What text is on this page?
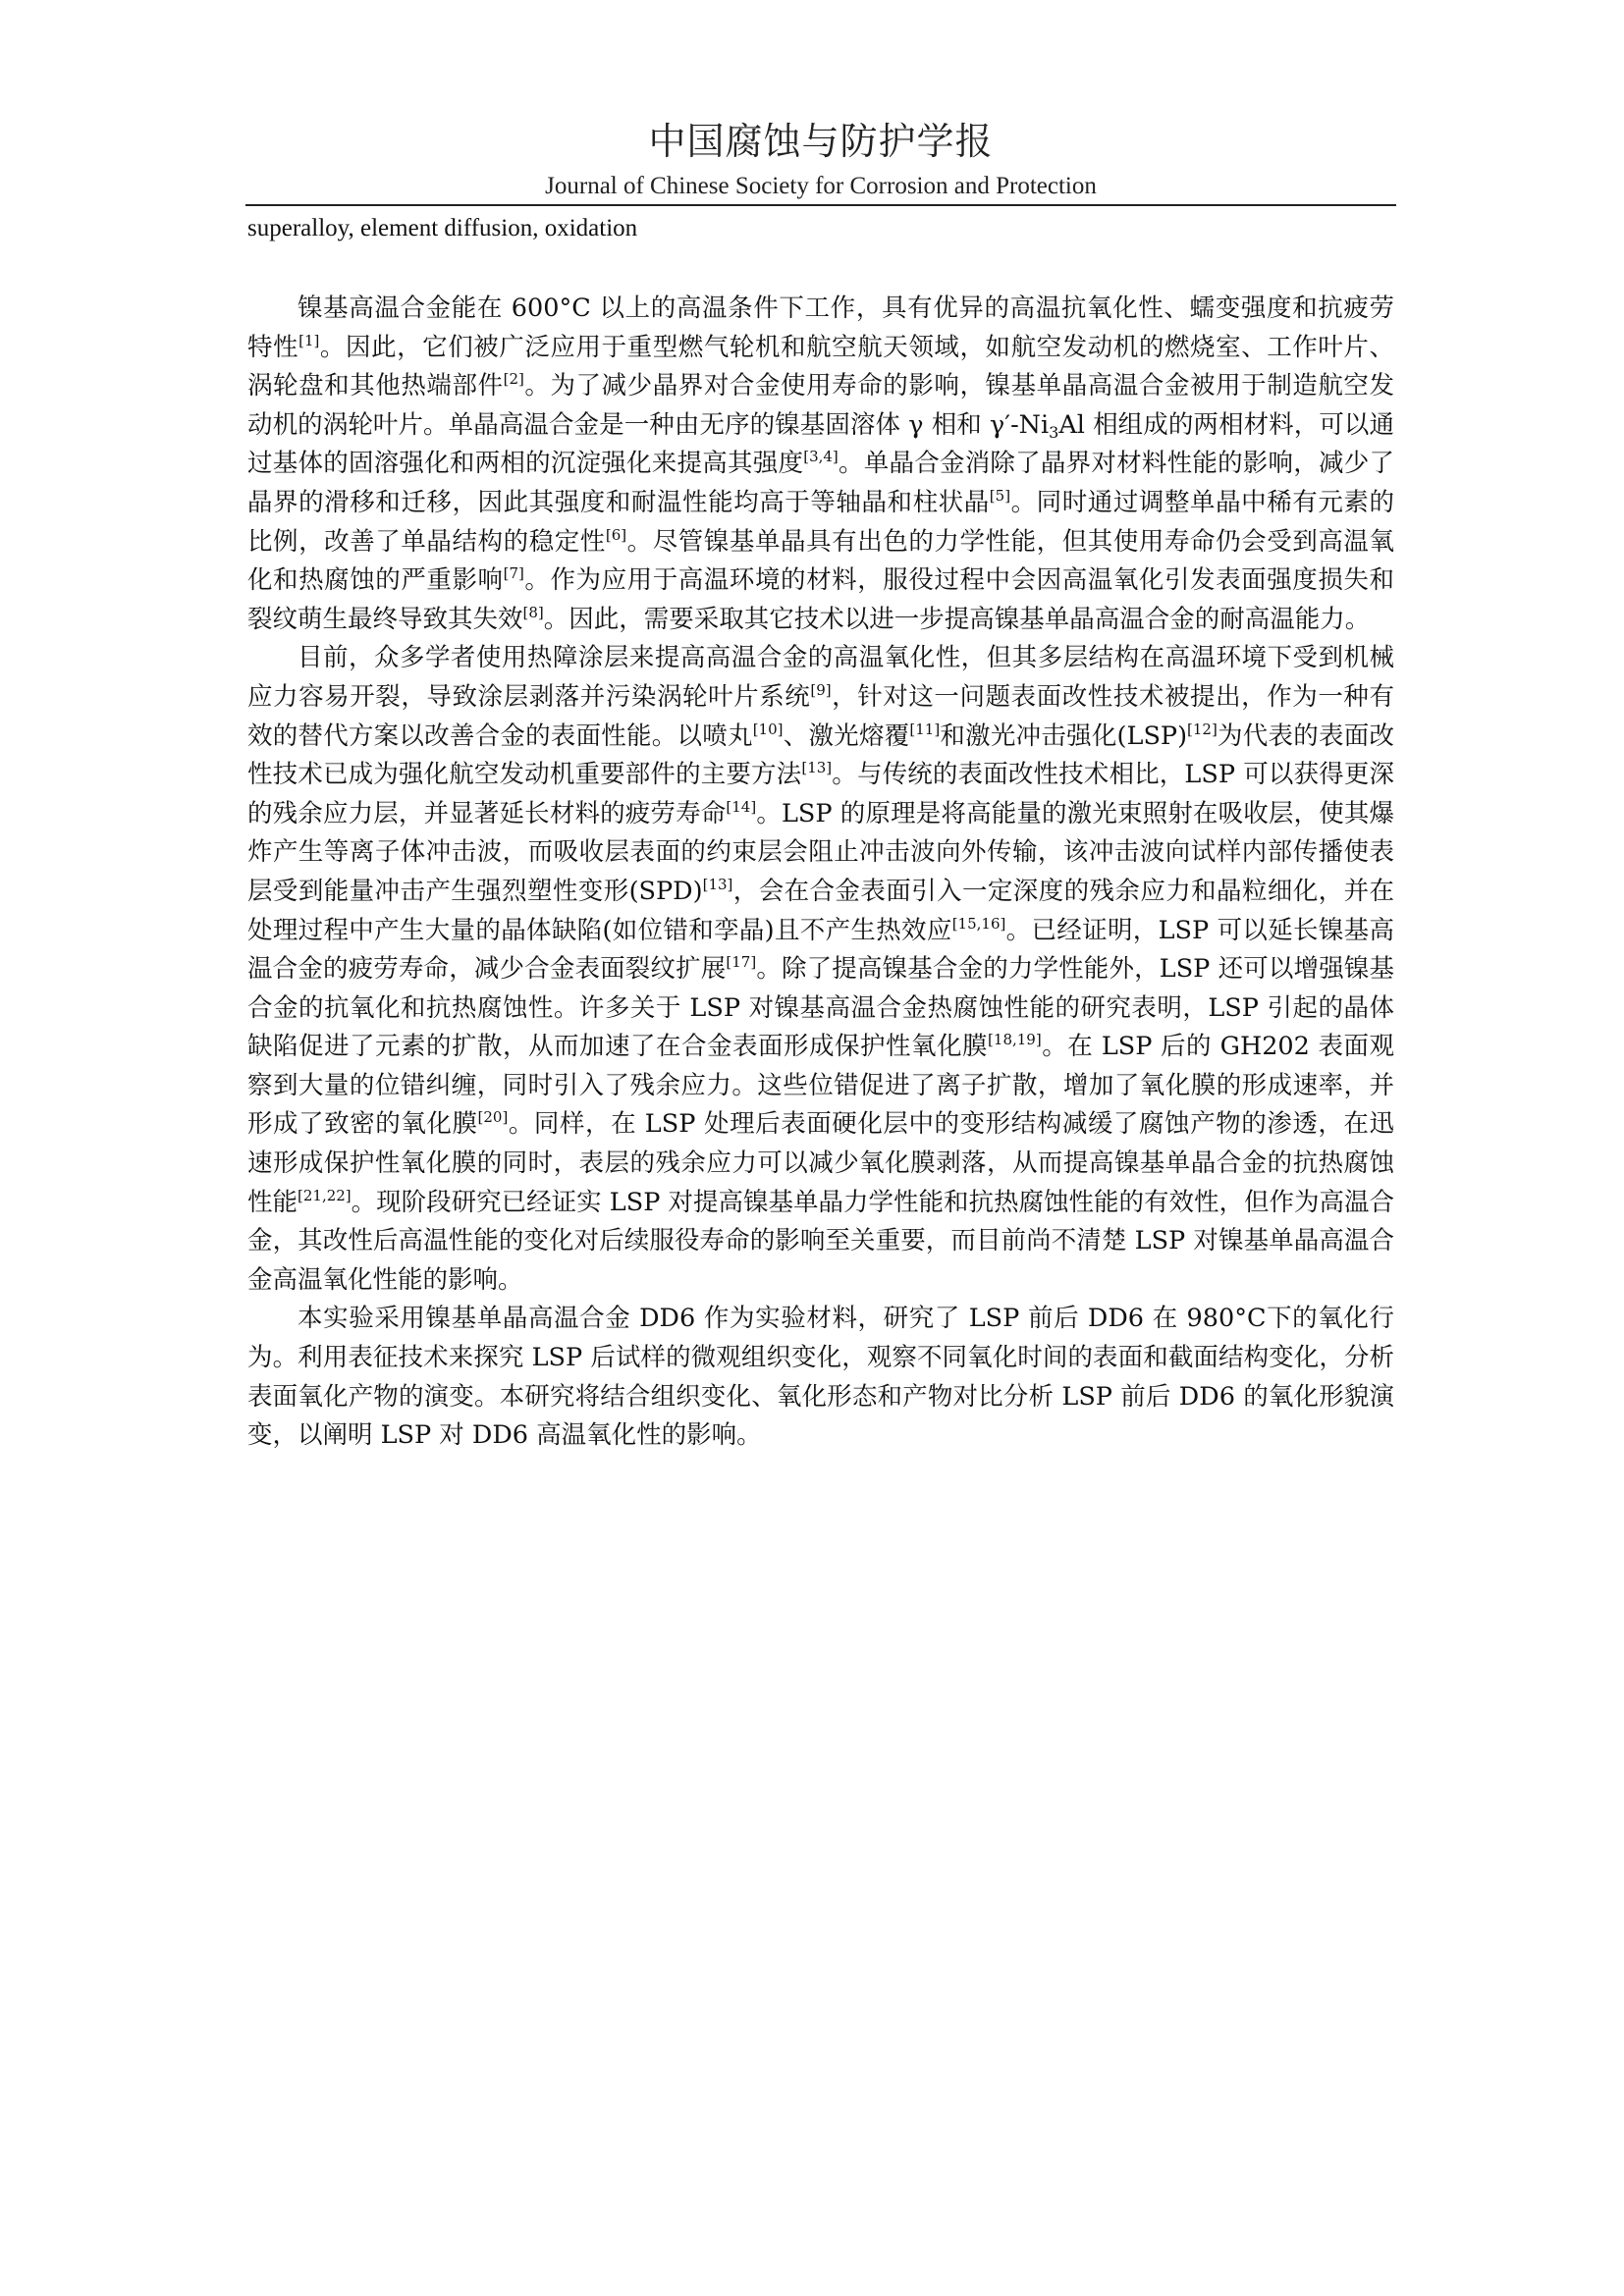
中国腐蚀与防护学报
Journal of Chinese Society for Corrosion and Protection
superalloy, element diffusion, oxidation

镍基高温合金能在 600°C 以上的高温条件下工作，具有优异的高温抗氧化性、蠕变强度和抗疲劳特性[1]。因此，它们被广泛应用于重型燃气轮机和航空航天领域，如航空发动机的燃烧室、工作叶片、涡轮盘和其他热端部件[2]。为了减少晶界对合金使用寿命的影响，镍基单晶高温合金被用于制造航空发动机的涡轮叶片。单晶高温合金是一种由无序的镍基固溶体 γ 相和 $\gamma'-Ni_3Al$ 相组成的两相材料，可以通过基体的固溶强化和两相的沉淀强化来提高其强度[3,4]。单晶合金消除了晶界对材料性能的影响，减少了晶界的滑移和迁移，因此其强度和耐温性能均高于等轴晶和柱状晶[5]。同时通过调整单晶中稀有元素的比例，改善了单晶结构的稳定性[6]。尽管镍基单晶具有出色的力学性能，但其使用寿命仍会受到高温氧化和热腐蚀的严重影响[7]。作为应用于高温环境的材料，服役过程中会因高温氧化引发表面强度损失和裂纹萌生最终导致其失效[8]。因此，需要采取其它技术以进一步提高镍基单晶高温合金的耐高温能力。

目前，众多学者使用热障涂层来提高高温合金的高温氧化性，但其多层结构在高温环境下受到机械应力容易开裂，导致涂层剥落并污染涡轮叶片系统[9]，针对这一问题表面改性技术被提出，作为一种有效的替代方案以改善合金的表面性能。以喷丸[10]、激光熔覆[11]和激光冲击强化(LSP)[12]为代表的表面改性技术已成为强化航空发动机重要部件的主要方法[13]。与传统的表面改性技术相比，LSP 可以获得更深的残余应力层，并显著延长材料的疲劳寿命[14]。LSP 的原理是将高能量的激光束照射在吸收层，使其爆炸产生等离子体冲击波，而吸收层表面的约束层会阻止冲击波向外传输，该冲击波向试样内部传播使表层受到能量冲击产生强烈塑性变形(SPD)[13]，会在合金表面引入一定深度的残余应力和晶粒细化，并在处理过程中产生大量的晶体缺陷(如位错和孪晶)且不产生热效应[15,16]。已经证明，LSP 可以延长镍基高温合金的疲劳寿命，减少合金表面裂纹扩展[17]。除了提高镍基合金的力学性能外，LSP 还可以增强镍基合金的抗氧化和抗热腐蚀性。许多关于 LSP 对镍基高温合金热腐蚀性能的研究表明，LSP 引起的晶体缺陷促进了元素的扩散，从而加速了在合金表面形成保护性氧化膜[18,19]。在 LSP 后的 GH202 表面观察到大量的位错纠缠，同时引入了残余应力。这些位错促进了离子扩散，增加了氧化膜的形成速率，并形成了致密的氧化膜[20]。同样，在 LSP 处理后表面硬化层中的变形结构减缓了腐蚀产物的渗透，在迅速形成保护性氧化膜的同时，表层的残余应力可以减少氧化膜剥落，从而提高镍基单晶合金的抗热腐蚀性能[21,22]。现阶段研究已经证实 LSP 对提高镍基单晶力学性能和抗热腐蚀性能的有效性，但作为高温合金，其改性后高温性能的变化对后续服役寿命的影响至关重要，而目前尚不清楚 LSP 对镍基单晶高温合金高温氧化性能的影响。

本实验采用镍基单晶高温合金 DD6 作为实验材料，研究了 LSP 前后 DD6 在 980°C下的氧化行为。利用表征技术来探究 LSP 后试样的微观组织变化，观察不同氧化时间的表面和截面结构变化，分析表面氧化产物的演变。本研究将结合组织变化、氧化形态和产物对比分析 LSP 前后 DD6 的氧化形貌演变，以阐明 LSP 对 DD6 高温氧化性的影响。
